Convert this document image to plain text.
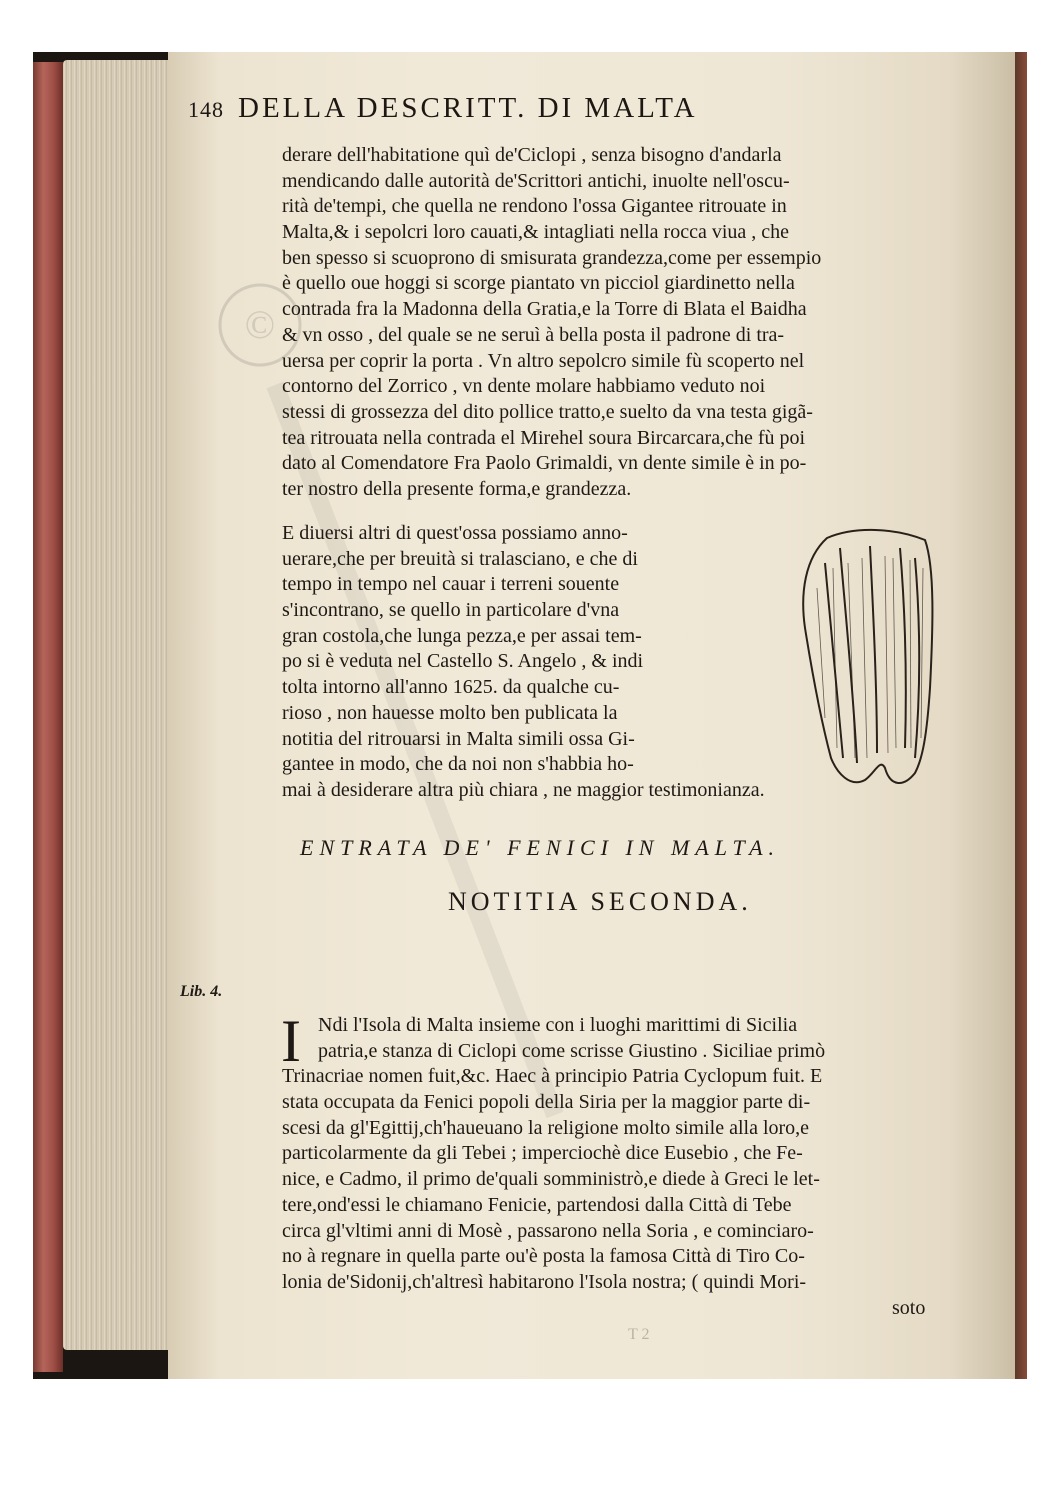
148 DELLA DESCRITT. DI MALTA
derare dell'habitatione quì de'Ciclopi , senza bisogno d'andarla
mendicando dalle autorità de'Scrittori antichi, inuolte nell'oscu-
rità de'tempi, che quella ne rendono l'ossa Gigantee ritrouate in
Malta,& i sepolcri loro cauati,& intagliati nella rocca viua , che
ben spesso si scuoprono di smisurata grandezza,come per essempio
è quello oue hoggi si scorge piantato vn picciol giardinetto nella
contrada fra la Madonna della Gratia,e la Torre di Blata el Baidha
& vn osso , del quale se ne seruì à bella posta il padrone di tra-
uersa per coprir la porta . Vn altro sepolcro simile fù scoperto nel
contorno del Zorrico , vn dente molare habbiamo veduto noi
stessi di grossezza del dito pollice tratto,e suelto da vna testa gigã-
tea ritrouata nella contrada el Mirehel soura Bircarcara,che fù poi
dato al Comendatore Fra Paolo Grimaldi, vn dente simile è in po-
ter nostro della presente forma,e grandezza.
E diuersi altri di quest'ossa possiamo anno-
uerare,che per breuità si tralasciano, e che di
tempo in tempo nel cauar i terreni souente
s'incontrano, se quello in particolare d'vna
gran costola,che lunga pezza,e per assai tem-
po si è veduta nel Castello S. Angelo , & indi
tolta intorno all'anno 1625. da qualche cu-
rioso , non hauesse molto ben publicata la
notitia del ritrouarsi in Malta simili ossa Gi-
gantee in modo, che da noi non s'habbia ho-
mai à desiderare altra più chiara , ne maggior testimonianza.
ENTRATA DE' FENICI IN MALTA.
NOTITIA SECONDA.
I
Lib. 4.
Ndi l'Isola di Malta insieme con i luoghi marittimi di Sicilia
patria,e stanza di Ciclopi come scrisse Giustino . Siciliae primò
Trinacriae nomen fuit,&c. Haec à principio Patria Cyclopum fuit. E
stata occupata da Fenici popoli della Siria per la maggior parte di-
scesi da gl'Egittij,ch'haueuano la religione molto simile alla loro,e
particolarmente da gli Tebei ; imperciochè dice Eusebio , che Fe-
nice, e Cadmo, il primo de'quali somministrò,e diede à Greci le let-
tere,ond'essi le chiamano Fenicie, partendosi dalla Città di Tebe
circa gl'vltimi anni di Mosè , passarono nella Soria , e cominciaro-
no à regnare in quella parte ou'è posta la famosa Città di Tiro Co-
lonia de'Sidonij,ch'altresì habitarono l'Isola nostra; ( quindi Mori-
soto
T 2
